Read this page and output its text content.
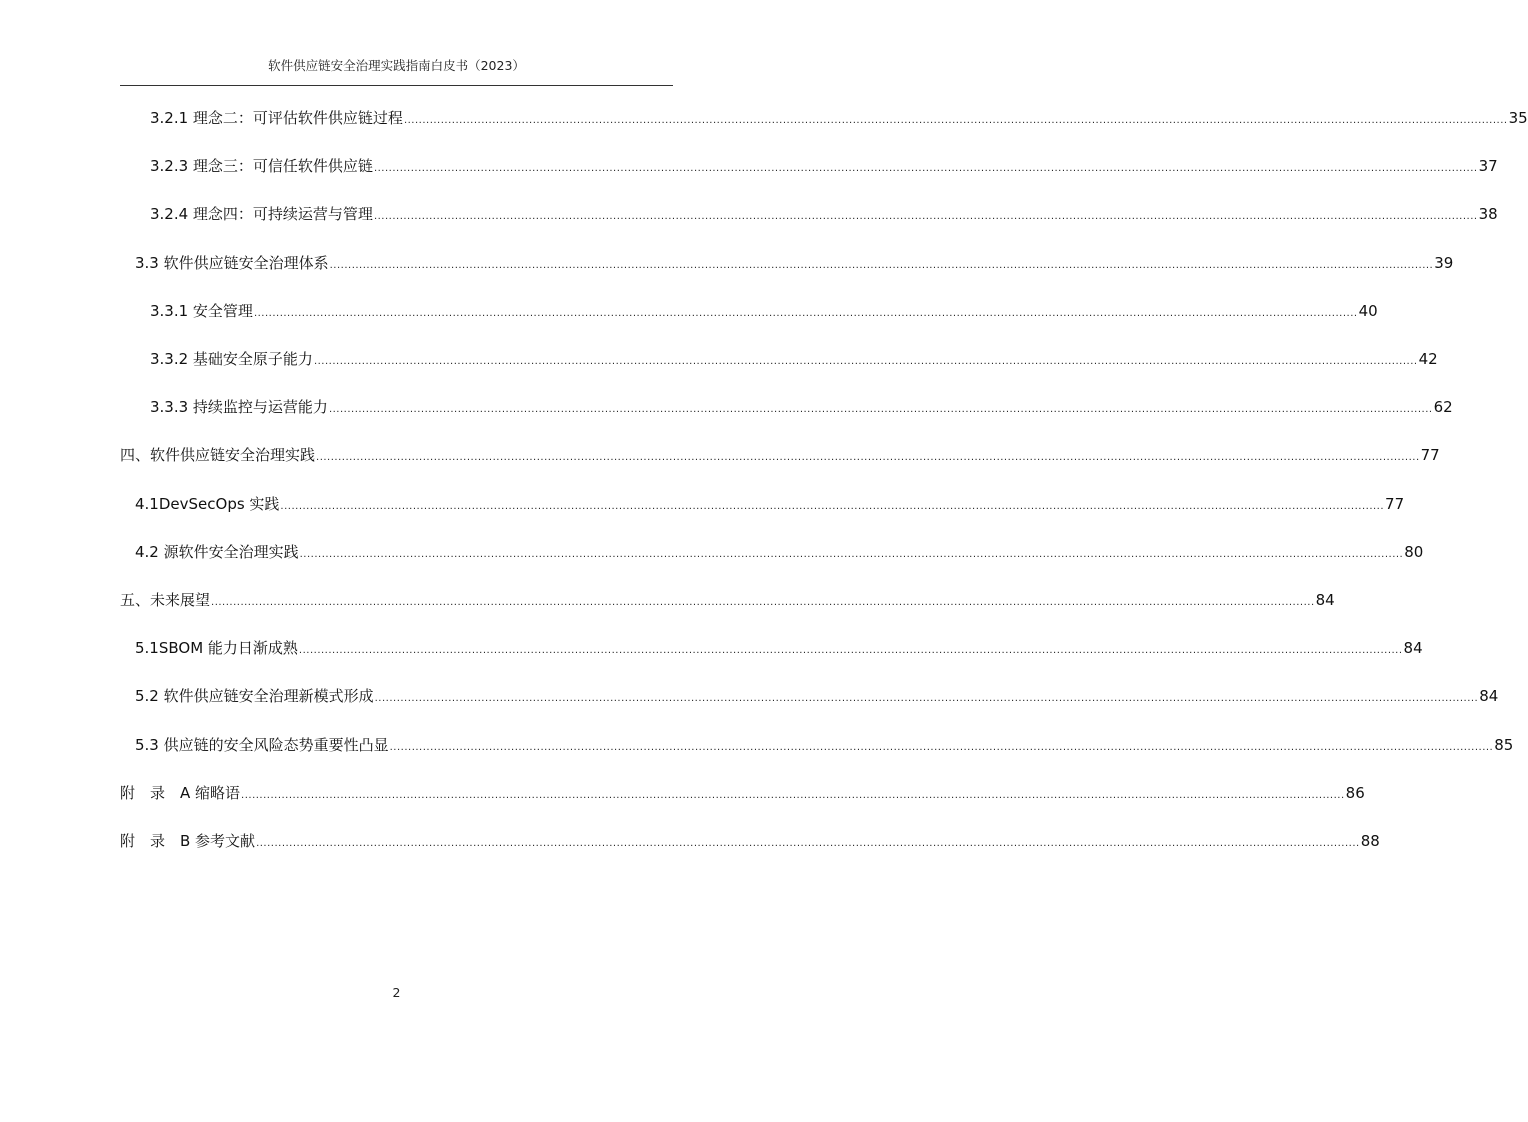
软件供应链安全治理实践指南白皮书（2023）
3.2.1 理念二：可评估软件供应链过程 ............................................................................................................................................................................................................................................................................................................ 35
3.2.3 理念三：可信任软件供应链 ............................................................................................................................................................................................................................................................................................................ 37
3.2.4 理念四：可持续运营与管理 ............................................................................................................................................................................................................................................................................................................ 38
3.3 软件供应链安全治理体系 ............................................................................................................................................................................................................................................................................................................ 39
3.3.1 安全管理 ............................................................................................................................................................................................................................................................................................................ 40
3.3.2 基础安全原子能力 ............................................................................................................................................................................................................................................................................................................ 42
3.3.3 持续监控与运营能力 ............................................................................................................................................................................................................................................................................................................ 62
四、软件供应链安全治理实践 ............................................................................................................................................................................................................................................................................................................ 77
4.1DevSecOps 实践 ............................................................................................................................................................................................................................................................................................................ 77
4.2 源软件安全治理实践 ............................................................................................................................................................................................................................................................................................................ 80
五、未来展望 ............................................................................................................................................................................................................................................................................................................ 84
5.1SBOM 能力日渐成熟 ............................................................................................................................................................................................................................................................................................................ 84
5.2 软件供应链安全治理新模式形成 ............................................................................................................................................................................................................................................................................................................ 84
5.3 供应链的安全风险态势重要性凸显 ............................................................................................................................................................................................................................................................................................................ 85
附　录　A 缩略语 ............................................................................................................................................................................................................................................................................................................ 86
附　录　B 参考文献 ............................................................................................................................................................................................................................................................................................................ 88
2
